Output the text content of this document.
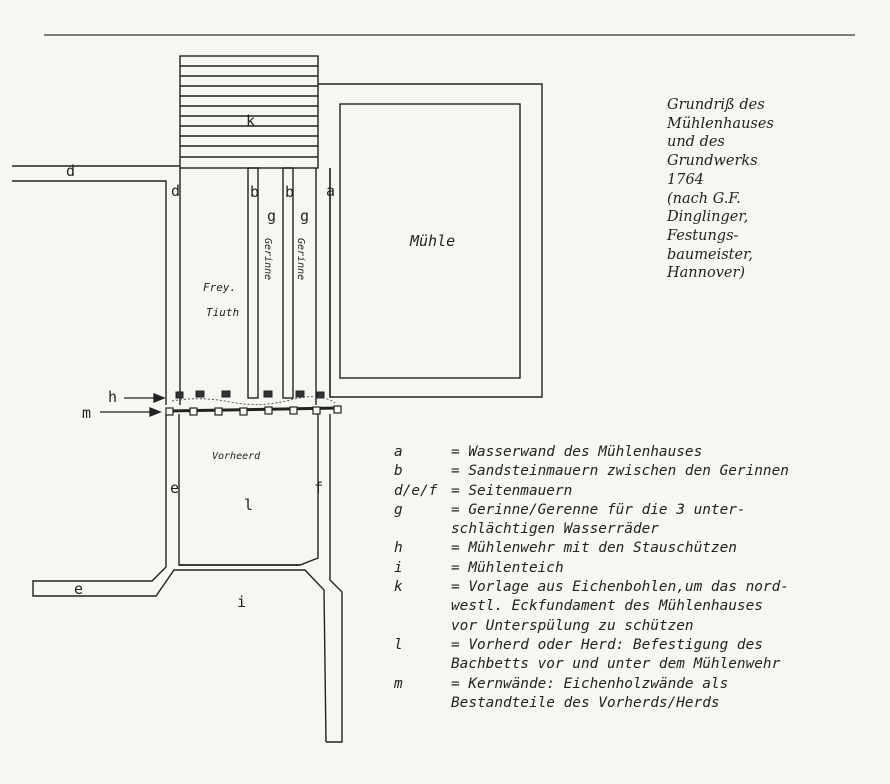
k
d
d	a
b b
g g
h
m
e	f
l
e
i
Mühle
Frey.
Tiuth
Gerinne Gerinne
Vorheerd
Grundriß des
Mühlenhauses
und des
Grundwerks
1764
(nach G.F.
Dinglinger,
Festungs-
baumeister,
Hannover)
a	= Wasserwand des Mühlenhauses
b	= Sandsteinmauern zwischen den Gerinnen
d/e/f = Seitenmauern
g	= Gerinne/Gerenne für die 3 unter-
schlächtigen Wasserräder
h	= Mühlenwehr mit den Stauschützen
i	= Mühlenteich
k	= Vorlage aus Eichenbohlen,um das nord-
westl. Eckfundament des Mühlenhauses
vor Unterspülung zu schützen
l	= Vorherd oder Herd: Befestigung des
Bachbetts vor und unter dem Mühlenwehr
m	= Kernwände: Eichenholzwände als
Bestandteile des Vorherds/Herds
